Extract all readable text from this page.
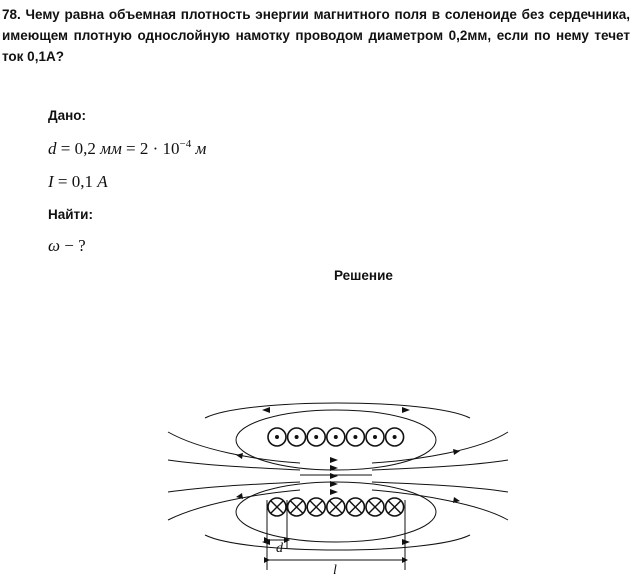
78. Чему равна объемная плотность энергии магнитного поля в соленоиде без сердечника, имеющем плотную однослойную намотку проводом диаметром 0,2мм, если по нему течет ток 0,1А?
Дано:
d = 0,2 мм = $2 \cdot 10^{-4}$ м
I = 0,1 А
Найти:
ω − ?
Решение
d
l
